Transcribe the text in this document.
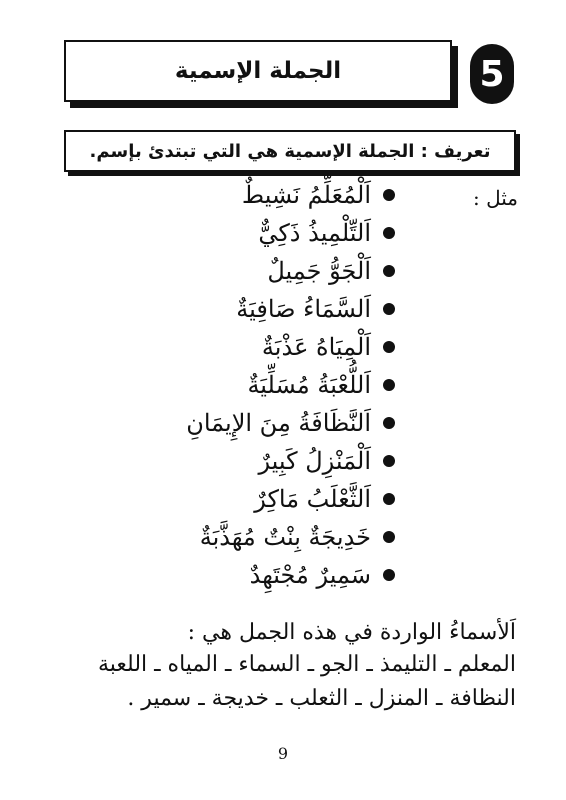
5
الجملة الإسمية
تعريف : الجملة الإسمية هي التي تبتدئ بإسم.
مثل :
اَلْمُعَلِّمُ نَشِيطٌ
اَلتِّلْمِيذُ ذَكِيٌّ
اَلْجَوُّ جَمِيلٌ
اَلسَّمَاءُ صَافِيَةٌ
اَلْمِيَاهُ عَذْبَةٌ
اَللُّعْبَةُ مُسَلِّيَةٌ
اَلنَّظَافَةُ مِنَ الإِيمَانِ
اَلْمَنْزِلُ كَبِيرٌ
اَلثَّعْلَبُ مَاكِرٌ
خَدِيجَةٌ بِنْتٌ مُهَذَّبَةٌ
سَمِيرٌ مُجْتَهِدٌ
اَلأسماءُ الواردة في هذه الجمل هي :
المعلم ـ التليمذ ـ الجو ـ السماء ـ المياه ـ اللعبة
النظافة ـ المنزل ـ الثعلب ـ خديجة ـ سمير .
9
